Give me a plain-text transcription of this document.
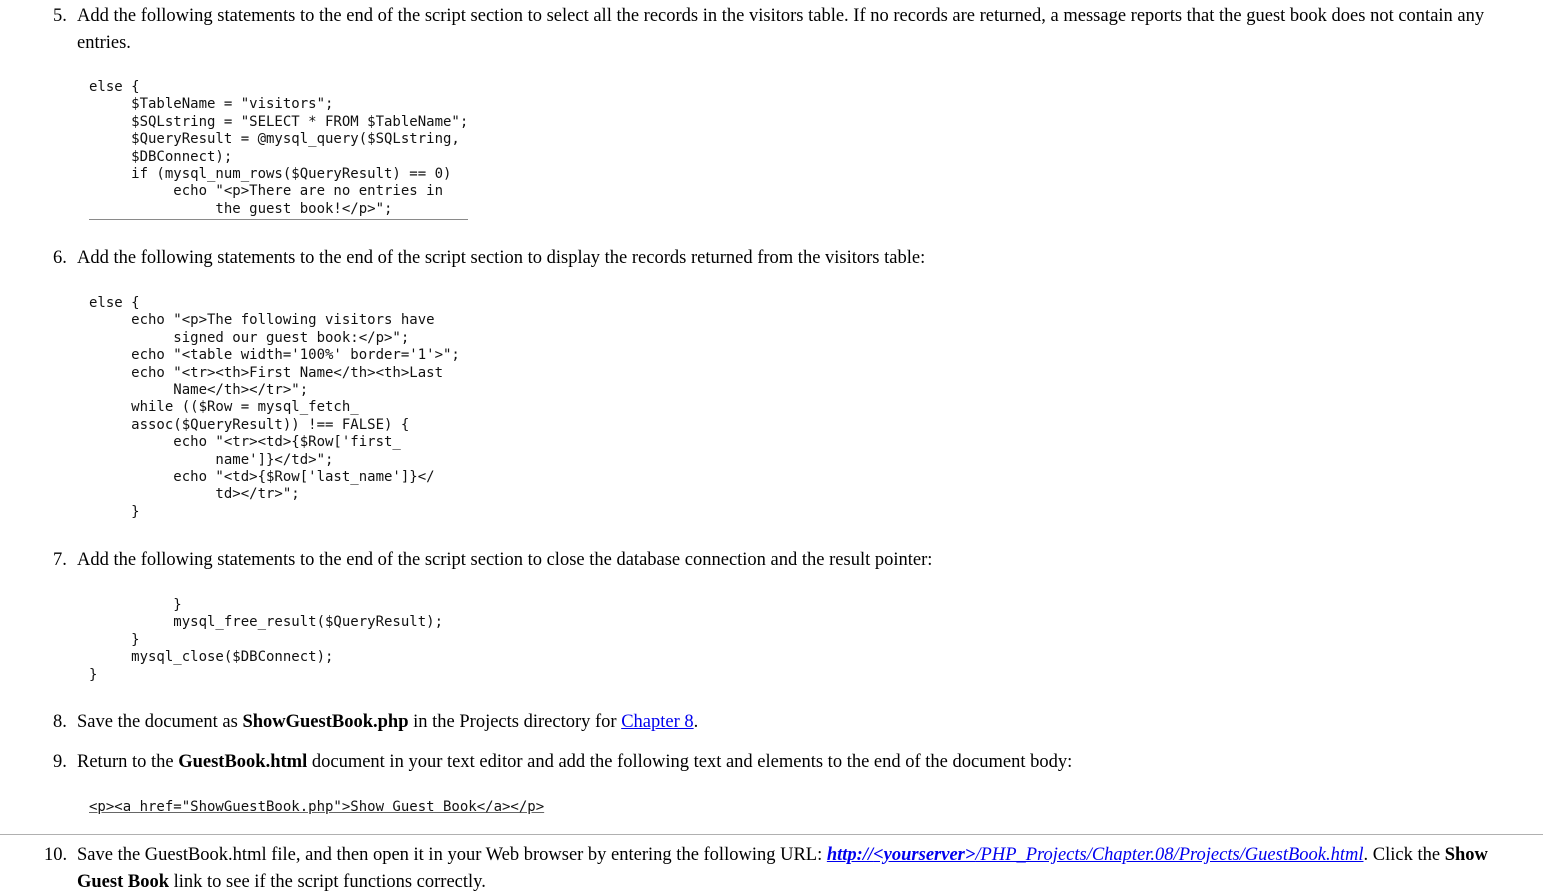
5. Add the following statements to the end of the script section to select all the records in the visitors table. If no records are returned, a message reports that the guest book does not contain any entries.
else {
$TableName = "visitors";
$SQLstring = "SELECT * FROM $TableName";
$QueryResult = @mysql_query($SQLstring,
$DBConnect);
if (mysql_num_rows($QueryResult) == 0)
echo "<p>There are no entries in
the guest book!</p>";
6. Add the following statements to the end of the script section to display the records returned from the visitors table:
else {
echo "<p>The following visitors have
signed our guest book:</p>";
echo "<table width='100%' border='1'>";
echo "<tr><th>First Name</th><th>Last
Name</th></tr>";
while (($Row = mysql_fetch_
assoc($QueryResult)) !== FALSE) {
echo "<tr><td>{$Row['first_
name']}</td>";
echo "<td>{$Row['last_name']}</
td></tr>";
}
7. Add the following statements to the end of the script section to close the database connection and the result pointer:
}
mysql_free_result($QueryResult);
}
mysql_close($DBConnect);
}
8. Save the document as ShowGuestBook.php in the Projects directory for Chapter 8.
9. Return to the GuestBook.html document in your text editor and add the following text and elements to the end of the document body:
<p><a href="ShowGuestBook.php">Show Guest Book</a></p>
10. Save the GuestBook.html file, and then open it in your Web browser by entering the following URL: http://<yourserver>/PHP_Projects/Chapter.08/Projects/GuestBook.html. Click the Show Guest Book link to see if the script functions correctly.
